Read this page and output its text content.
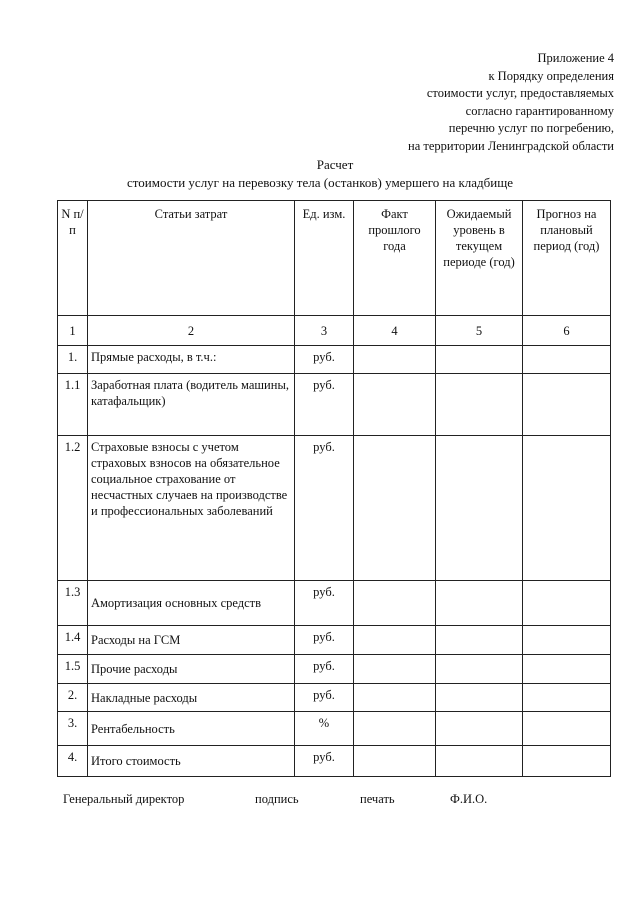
Приложение 4
к Порядку определения
стоимости услуг, предоставляемых
согласно гарантированному
перечню услуг по погребению,
на территории Ленинградской области
Расчет
стоимости услуг на перевозку тела (останков) умершего на кладбище
N п/п	Статьи затрат	Ед. изм.	Факт прошлого года	Ожидаемый уровень в текущем периоде (год)	Прогноз на плановый период (год)
1	2	3	4	5	6
1.	Прямые расходы, в т.ч.:	руб.			
1.1	Заработная плата (водитель машины, катафальщик)	руб.			
1.2	Страховые взносы с учетом страховых взносов на обязательное социальное страхование от несчастных случаев на производстве и профессиональных заболеваний	руб.			
1.3	Амортизация основных средств	руб.			
1.4	Расходы на ГСМ	руб.			
1.5	Прочие расходы	руб.			
2.	Накладные расходы	руб.			
3.	Рентабельность	%			
4.	Итого стоимость	руб.			
Генеральный директор	подпись	печать	Ф.И.О.
